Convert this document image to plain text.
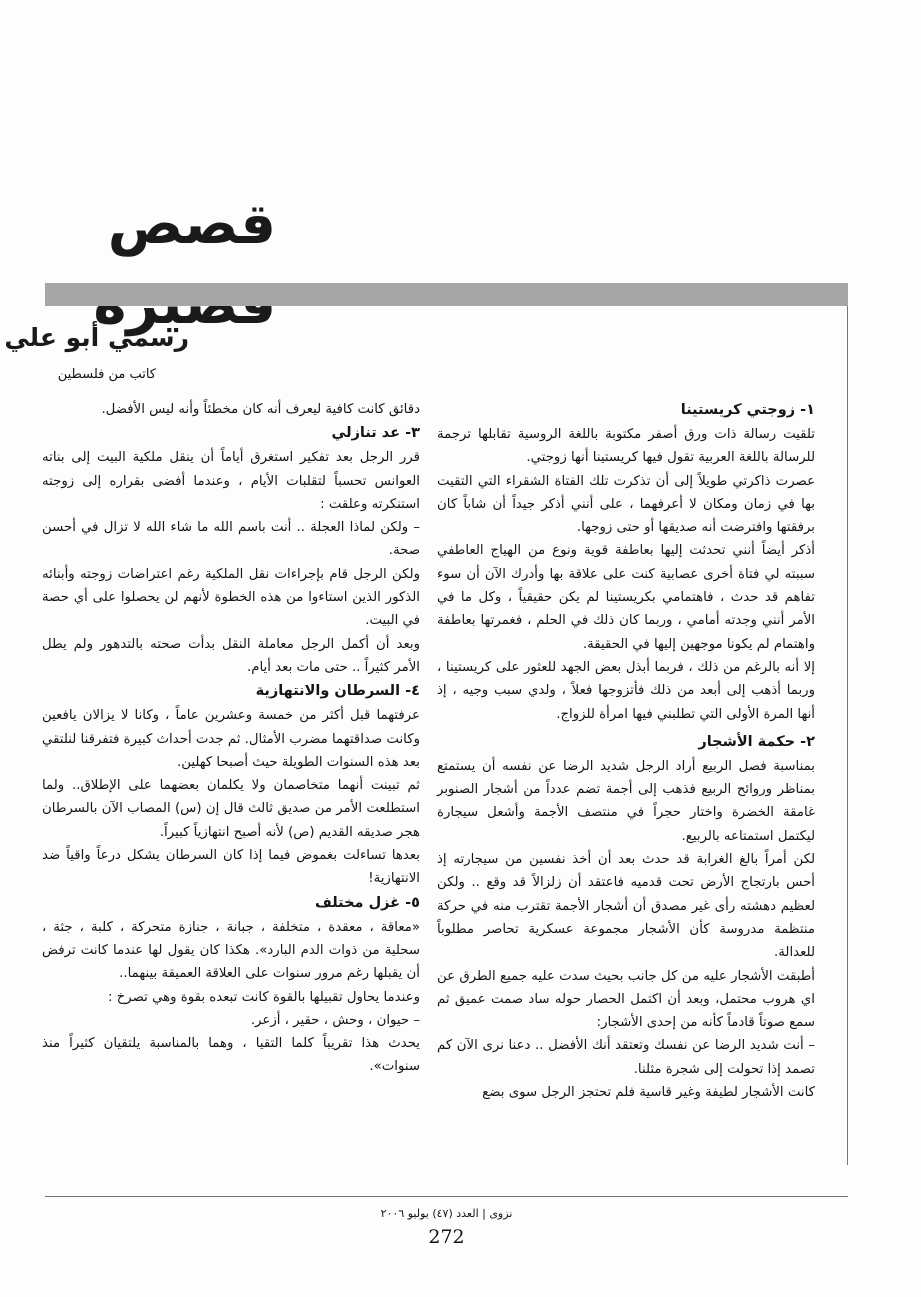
قصص
رسمي أبو علي

كاتب من فلسطين

١- زوجتي كريستينا

تلقيت رسالة ذات ورق أصفر مكتوبة باللغة الروسية تقابلها ترجمة للرسالة باللغة العربية تقول فيها كريستينا أنها زوجتي.

عصرت ذاكرتي طويلاً إلى أن تذكرت تلك الفتاة الشقراء التي التقيت بها في زمان ومكان لا أعرفهما ، على أنني أذكر جيداً أن شاباً كان برفقتها وافترضت أنه صديقها أو حتى زوجها.

أذكر أيضاً أنني تحدثت إليها بعاطفة قوية ونوع من الهياج العاطفي سببته لي فتاة أخرى عصابية كنت على علاقة بها وأدرك الآن أن سوء تفاهم قد حدث ، فاهتمامي بكريستينا لم يكن حقيقياً ، وكل ما في الأمر أنني وجدته أمامي ، وربما كان ذلك في الحلم ، فغمرتها بعاطفة واهتمام لم يكونا موجهين إليها في الحقيقة.

إلا أنه بالرغم من ذلك ، فربما أبذل بعض الجهد للعثور على كريستينا ، وربما أذهب إلى أبعد من ذلك فأتزوجها فعلاً ، ولدي سبب وجيه ، إذ أنها المرة الأولى التي تطلبني فيها امرأة للزواج.

٢- حكمة الأشجار

بمناسبة فصل الربيع أراد الرجل شديد الرضا عن نفسه أن يستمتع بمناظر وروائح الربيع فذهب إلى أجمة تضم عدداً من أشجار الصنوبر غامقة الخضرة واختار حجراً في منتصف الأجمة وأشعل سيجارة ليكتمل استمتاعه بالربيع.

لكن أمراً بالغ الغرابة قد حدث بعد أن أخذ نفسين من سيجارته إذ أحس بارتجاج الأرض تحت قدميه فاعتقد أن زلزالاً قد وقع .. ولكن لعظيم دهشته رأى غير مصدق أن أشجار الأجمة تقترب منه في حركة منتظمة مدروسة كأن الأشجار مجموعة عسكرية تحاصر مطلوباً للعدالة.

أطبقت الأشجار عليه من كل جانب بحيث سدت عليه جميع الطرق عن اي هروب محتمل، وبعد أن اكتمل الحصار حوله ساد صمت عميق ثم سمع صوتاً قادماً كأنه من إحدى الأشجار:

– أنت شديد الرضا عن نفسك وتعتقد أنك الأفضل .. دعنا نرى الآن كم تصمد إذا تحولت إلى شجرة مثلنا.

كانت الأشجار لطيفة وغير قاسية فلم تحتجز الرجل سوى بضع

دقائق كانت كافية ليعرف أنه كان مخطئاً وأنه ليس الأفضل.

٣- عد تنازلي

قرر الرجل بعد تفكير استغرق أياماً أن ينقل ملكية البيت إلى بناته العوانس تحسباً لتقلبات الأيام ، وعندما أفضى بقراره إلى زوجته استنكرته وعلقت :

– ولكن لماذا العجلة .. أنت باسم الله ما شاء الله لا تزال في أحسن صحة.

ولكن الرجل قام بإجراءات نقل الملكية رغم اعتراضات زوجته وأبنائه الذكور الذين استاءوا من هذه الخطوة لأنهم لن يحصلوا على أي حصة في البيت.

وبعد أن أكمل الرجل معاملة النقل بدأت صحته بالتدهور ولم يطل الأمر كثيراً .. حتى مات بعد أيام.

٤- السرطان والانتهازية

عرفتهما قبل أكثر من خمسة وعشرين عاماً ، وكانا لا يزالان يافعين وكانت صداقتهما مضرب الأمثال. ثم جدت أحداث كبيرة فتفرقنا لنلتقي بعد هذه السنوات الطويلة حيث أصبحا كهلين.

ثم تبينت أنهما متخاصمان ولا يكلمان بعضهما على الإطلاق.. ولما استطلعت الأمر من صديق ثالث قال إن (س) المصاب الآن بالسرطان هجر صديقه القديم (ص) لأنه أصبح انتهازياً كبيراً.

بعدها تساءلت بغموض فيما إذا كان السرطان يشكل درعاً واقياً ضد الانتهازية!

٥- غزل مختلف

«معاقة ، معقدة ، متخلفة ، جبانة ، جنازة متحركة ، كلبة ، جثة ، سحلية من ذوات الدم البارد». هكذا كان يقول لها عندما كانت ترفض أن يقبلها رغم مرور سنوات على العلاقة العميقة بينهما..

وعندما يحاول تقبيلها بالقوة كانت تبعده بقوة وهي تصرخ :

– حيوان ، وحش ، حقير ، أزعر.

يحدث هذا تقريباً كلما التقيا ، وهما بالمناسبة يلتقيان كثيراً منذ سنوات».

نزوى | العدد (٤٧) يوليو ٢٠٠٦
272
